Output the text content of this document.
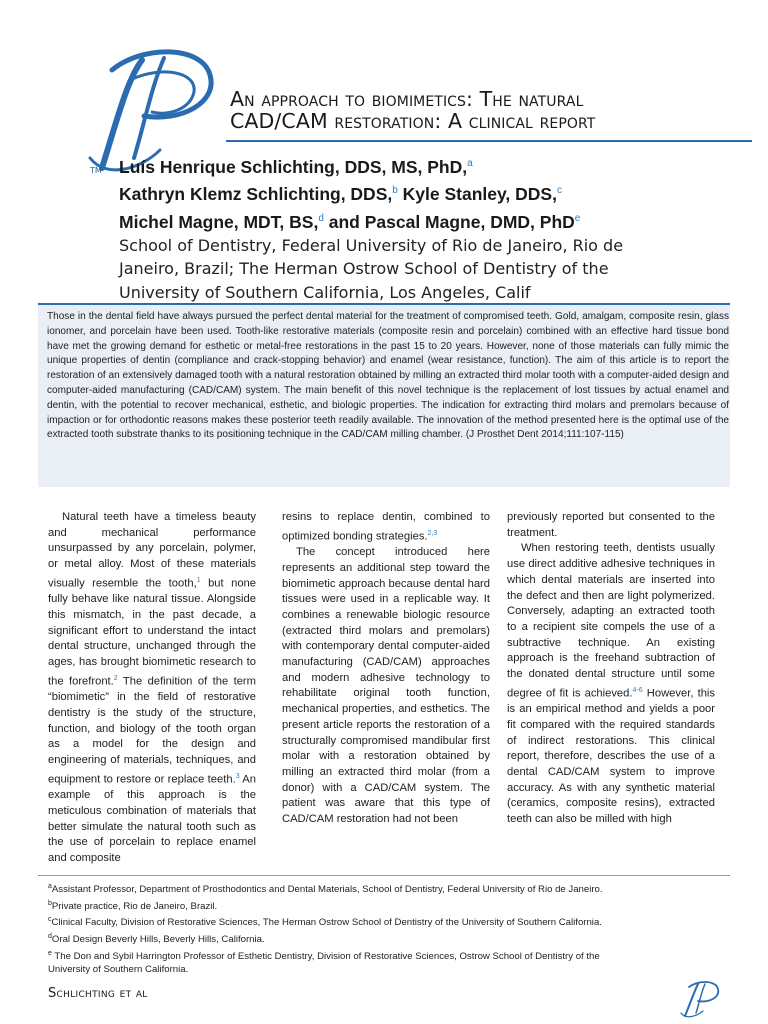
TM
An approach to biomimetics: The natural
CAD/CAM restoration: A clinical report
Luís Henrique Schlichting, DDS, MS, PhD,$^a$
Kathryn Klemz Schlichting, DDS,$^b$ Kyle Stanley, DDS,$^c$
Michel Magne, MDT, BS,$^d$ and Pascal Magne, DMD, PhD$^e$
School of Dentistry, Federal University of Rio de Janeiro, Rio de
Janeiro, Brazil; The Herman Ostrow School of Dentistry of the
University of Southern California, Los Angeles, Calif

Those in the dental field have always pursued the perfect dental material for the treatment of compromised teeth. Gold, amalgam, composite resin, glass ionomer, and porcelain have been used. Tooth-like restorative materials (composite resin and porcelain) combined with an effective hard tissue bond have met the growing demand for esthetic or metal-free restorations in the past 15 to 20 years. However, none of those materials can fully mimic the unique properties of dentin (compliance and crack-stopping behavior) and enamel (wear resistance, function). The aim of this article is to report the restoration of an extensively damaged tooth with a natural restoration obtained by milling an extracted third molar tooth with a computer-aided design and computer-aided manufacturing (CAD/CAM) system. The main benefit of this novel technique is the replacement of lost tissues by actual enamel and dentin, with the potential to recover mechanical, esthetic, and biologic properties. The indication for extracting third molars and premolars because of impaction or for orthodontic reasons makes these posterior teeth readily available. The innovation of the method presented here is the optimal use of the extracted tooth substrate thanks to its positioning technique in the CAD/CAM milling chamber. (J Prosthet Dent 2014;111:107-115)

Natural teeth have a timeless beauty and mechanical performance unsurpassed by any porcelain, polymer, or metal alloy. Most of these materials visually resemble the tooth,$^1$ but none fully behave like natural tissue. Alongside this mismatch, in the past decade, a significant effort to understand the intact dental structure, unchanged through the ages, has brought biomimetic research to the forefront.$^2$ The definition of the term “biomimetic” in the field of restorative dentistry is the study of the structure, function, and biology of the tooth organ as a model for the design and engineering of materials, techniques, and equipment to restore or replace teeth.$^3$ An example of this approach is the meticulous combination of materials that better simulate the natural tooth such as the use of porcelain to replace enamel and composite

resins to replace dentin, combined to optimized bonding strategies.$^{2,3}$

The concept introduced here represents an additional step toward the biomimetic approach because dental hard tissues were used in a replicable way. It combines a renewable biologic resource (extracted third molars and premolars) with contemporary dental computer-aided manufacturing (CAD/CAM) approaches and modern adhesive technology to rehabilitate original tooth function, mechanical properties, and esthetics. The present article reports the restoration of a structurally compromised mandibular first molar with a restoration obtained by milling an extracted third molar (from a donor) with a CAD/CAM system. The patient was aware that this type of CAD/CAM restoration had not been

previously reported but consented to the treatment.

When restoring teeth, dentists usually use direct additive adhesive techniques in which dental materials are inserted into the defect and then are light polymerized. Conversely, adapting an extracted tooth to a recipient site compels the use of a subtractive technique. An existing approach is the freehand subtraction of the donated dental structure until some degree of fit is achieved.$^{4-6}$ However, this is an empirical method and yields a poor fit compared with the required standards of indirect restorations. This clinical report, therefore, describes the use of a dental CAD/CAM system to improve accuracy. As with any synthetic material (ceramics, composite resins), extracted teeth can also be milled with high

$^a$Assistant Professor, Department of Prosthodontics and Dental Materials, School of Dentistry, Federal University of Rio de Janeiro.
$^b$Private practice, Rio de Janeiro, Brazil.
$^c$Clinical Faculty, Division of Restorative Sciences, The Herman Ostrow School of Dentistry of the University of Southern California.
$^d$Oral Design Beverly Hills, Beverly Hills, California.
$^e$ The Don and Sybil Harrington Professor of Esthetic Dentistry, Division of Restorative Sciences, Ostrow School of Dentistry of the
University of Southern California.
Schlichting et al
